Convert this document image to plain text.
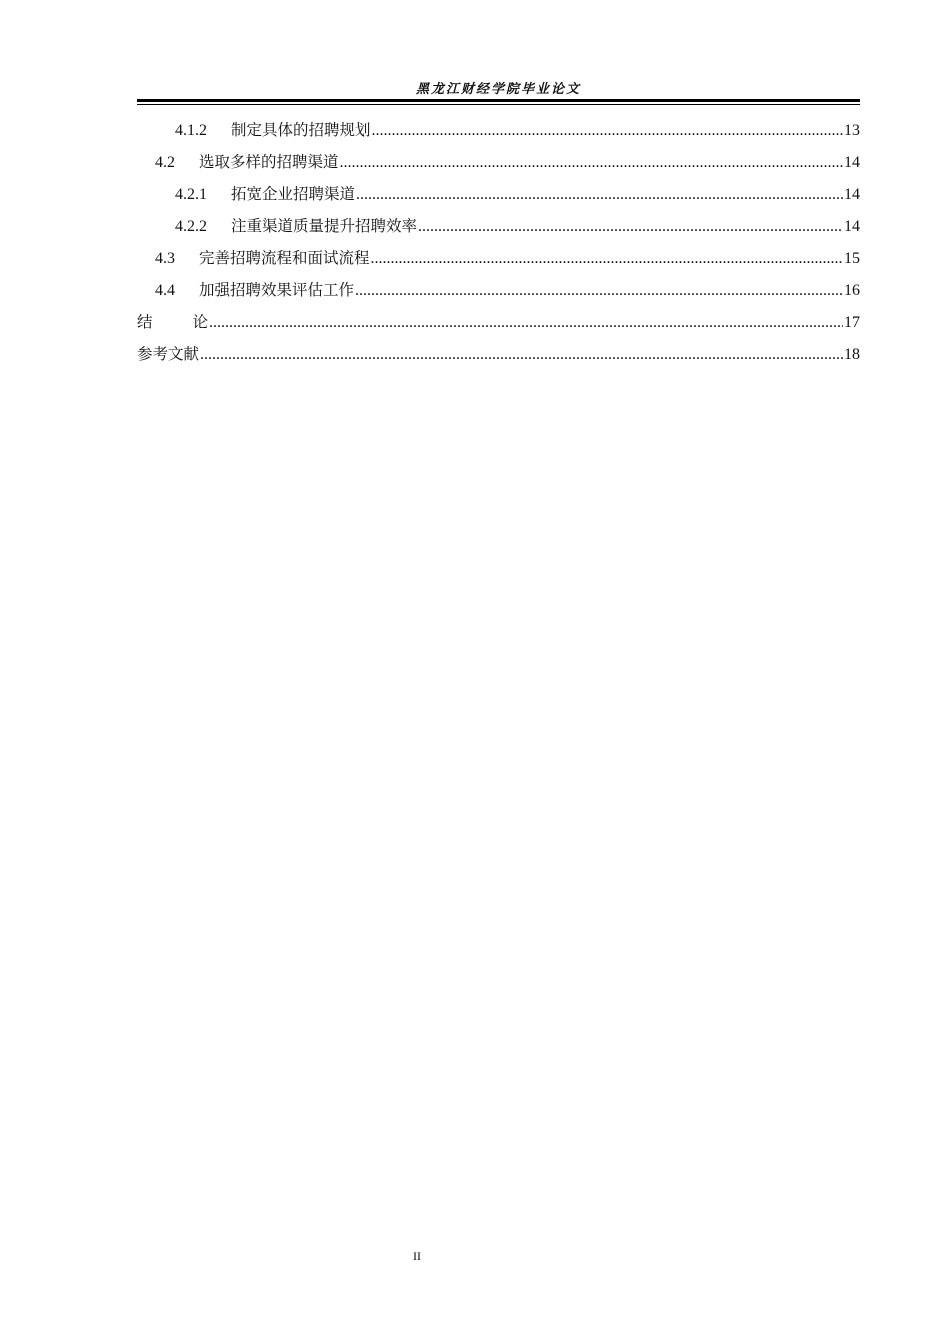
黑龙江财经学院毕业论文
4.1.2	制定具体的招聘规划 .....	13
4.2	选取多样的招聘渠道 .....	14
4.2.1	拓宽企业招聘渠道 .....	14
4.2.2	注重渠道质量提升招聘效率 .....	14
4.3	完善招聘流程和面试流程 .....	15
4.4	加强招聘效果评估工作 .....	16
结	论 .....	17
参考文献 .....	18
II
